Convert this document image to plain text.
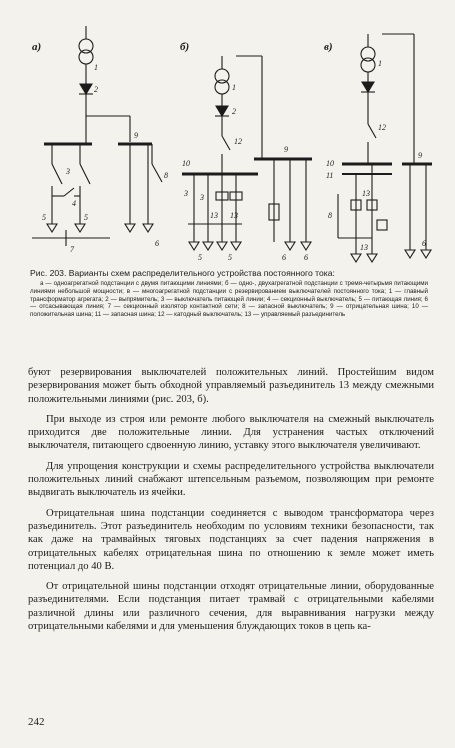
а)
1
2
3
4
5	5
9
8
6
7
б)
1
2
12
9
10
3 3
13 13
5	5	6 6
в)
1
12
10
11
8
13
9
13	6

Рис. 203. Варианты схем распределительного устройства постоянного тока:

а — одноагрегатной подстанции с двумя питающими линиями; б — одно-, двухагрегатной подстанции с тремя-четырьмя питающими линиями небольшой мощности; в — многоагрегатной подстанции с резервированием выключателей постоянного тока; 1 — главный трансформатор агрегата; 2 — выпрямитель; 3 — выключатель питающей линии; 4 — секционный выключатель; 5 — питающая линия; 6 — отсасывающая линия; 7 — секционный изолятор контактной сети; 8 — запасной выключатель; 9 — отрицательная шина; 10 — положительная шина; 11 — запасная шина; 12 — катодный выключатель; 13 — управляемый разъединитель

буют резервирования выключателей положительных линий. Простейшим видом резервирования может быть обходной управляемый разъединитель 13 между смежными положительными линиями (рис. 203, б).

При выходе из строя или ремонте любого выключателя на смежный выключатель приходится две положительные линии. Для устранения частых отключений выключателя, питающего сдвоенную линию, уставку этого выключателя увеличивают.

Для упрощения конструкции и схемы распределительного устройства выключатели положительных линий снабжают штепсельным разъемом, позволяющим при ремонте выдвигать выключатель из ячейки.

Отрицательная шина подстанции соединяется с выводом трансформатора через разъединитель. Этот разъединитель необходим по условиям техники безопасности, так как даже на трамвайных тяговых подстанциях за счет падения напряжения в отрицательных кабелях отрицательная шина по отношению к земле может иметь потенциал до 40 В.

От отрицательной шины подстанции отходят отрицательные линии, оборудованные разъединителями. Если подстанция питает трамвай с отрицательными кабелями различной длины или различного сечения, для выравнивания нагрузки между отрицательными кабелями и для уменьшения блуждающих токов в цепь ка-

242
